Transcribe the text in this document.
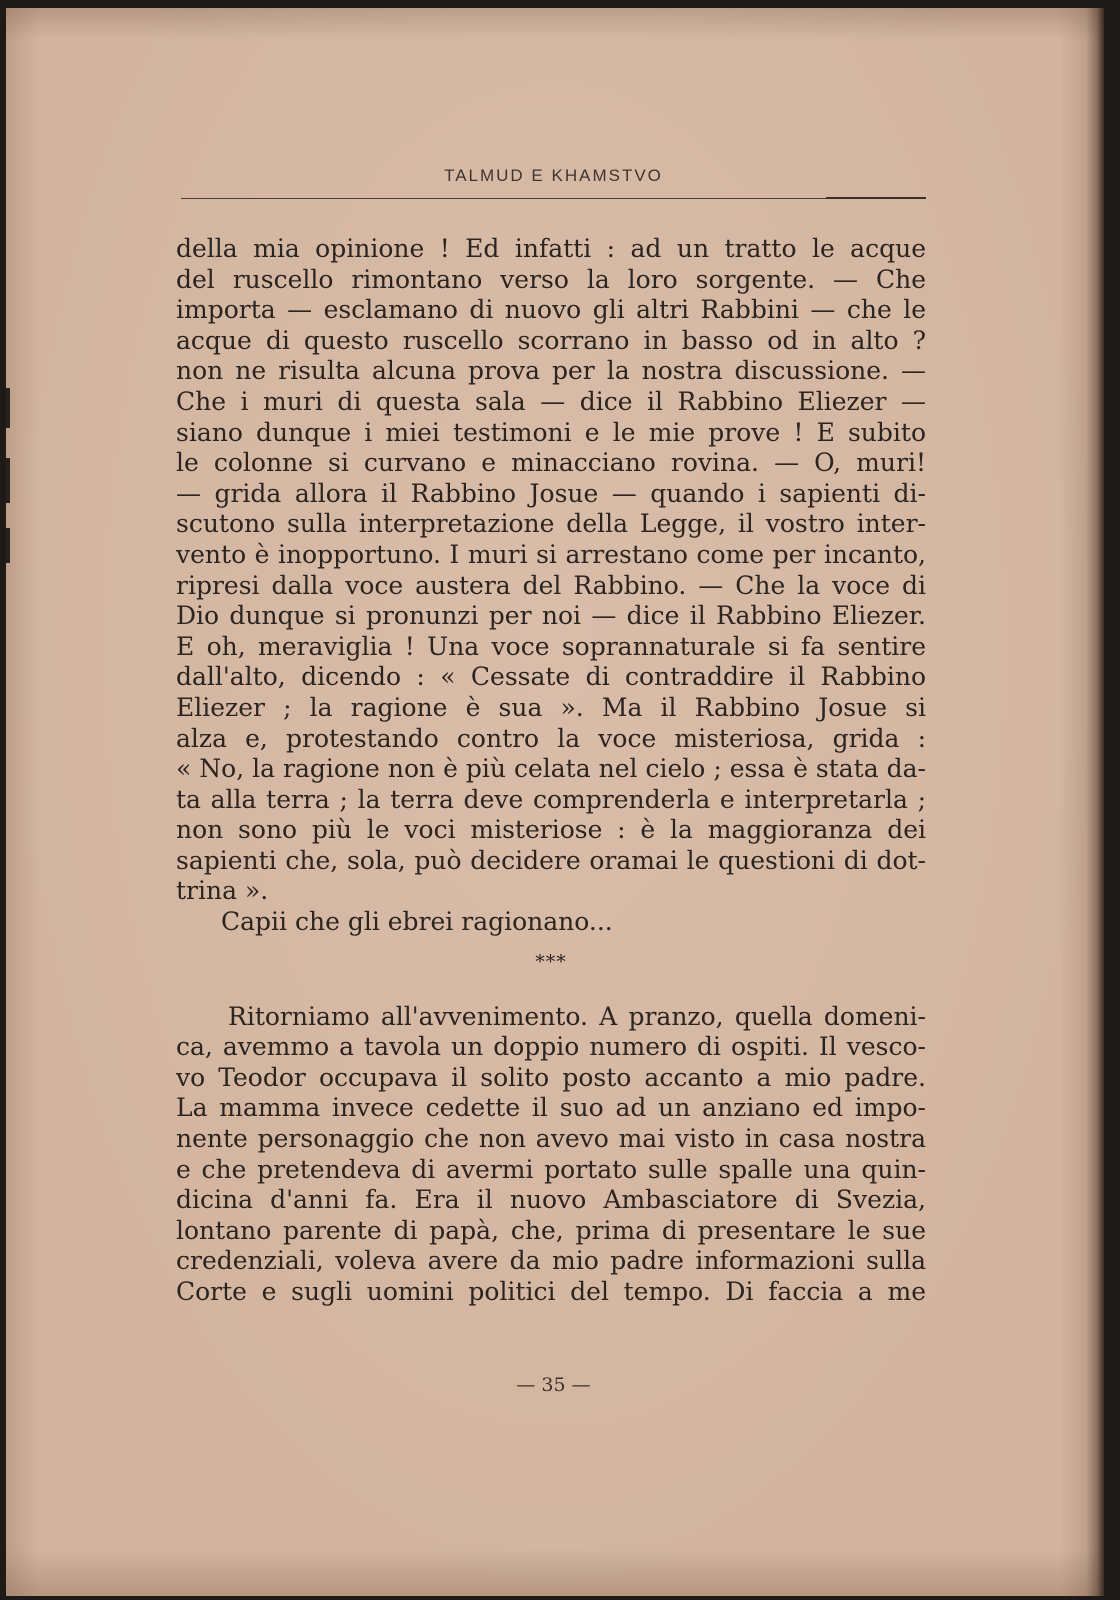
TALMUD E KHAMSTVO
della mia opinione ! Ed infatti : ad un tratto le acque
del ruscello rimontano verso la loro sorgente. — Che
importa — esclamano di nuovo gli altri Rabbini — che le
acque di questo ruscello scorrano in basso od in alto ?
non ne risulta alcuna prova per la nostra discussione. —
Che i muri di questa sala — dice il Rabbino Eliezer —
siano dunque i miei testimoni e le mie prove ! E subito
le colonne si curvano e minacciano rovina. — O, muri!
— grida allora il Rabbino Josue — quando i sapienti di-
scutono sulla interpretazione della Legge, il vostro inter-
vento è inopportuno. I muri si arrestano come per incanto,
ripresi dalla voce austera del Rabbino. — Che la voce di
Dio dunque si pronunzi per noi — dice il Rabbino Eliezer.
E oh, meraviglia ! Una voce soprannaturale si fa sentire
dall'alto, dicendo : « Cessate di contraddire il Rabbino
Eliezer ; la ragione è sua ». Ma il Rabbino Josue si
alza e, protestando contro la voce misteriosa, grida :
« No, la ragione non è più celata nel cielo ; essa è stata da-
ta alla terra ; la terra deve comprenderla e interpretarla ;
non sono più le voci misteriose : è la maggioranza dei
sapienti che, sola, può decidere oramai le questioni di dot-
trina ».
Capii che gli ebrei ragionano...
***
Ritorniamo all'avvenimento. A pranzo, quella domeni-
ca, avemmo a tavola un doppio numero di ospiti. Il vesco-
vo Teodor occupava il solito posto accanto a mio padre.
La mamma invece cedette il suo ad un anziano ed impo-
nente personaggio che non avevo mai visto in casa nostra
e che pretendeva di avermi portato sulle spalle una quin-
dicina d'anni fa. Era il nuovo Ambasciatore di Svezia,
lontano parente di papà, che, prima di presentare le sue
credenziali, voleva avere da mio padre informazioni sulla
Corte e sugli uomini politici del tempo. Di faccia a me
— 35 —
